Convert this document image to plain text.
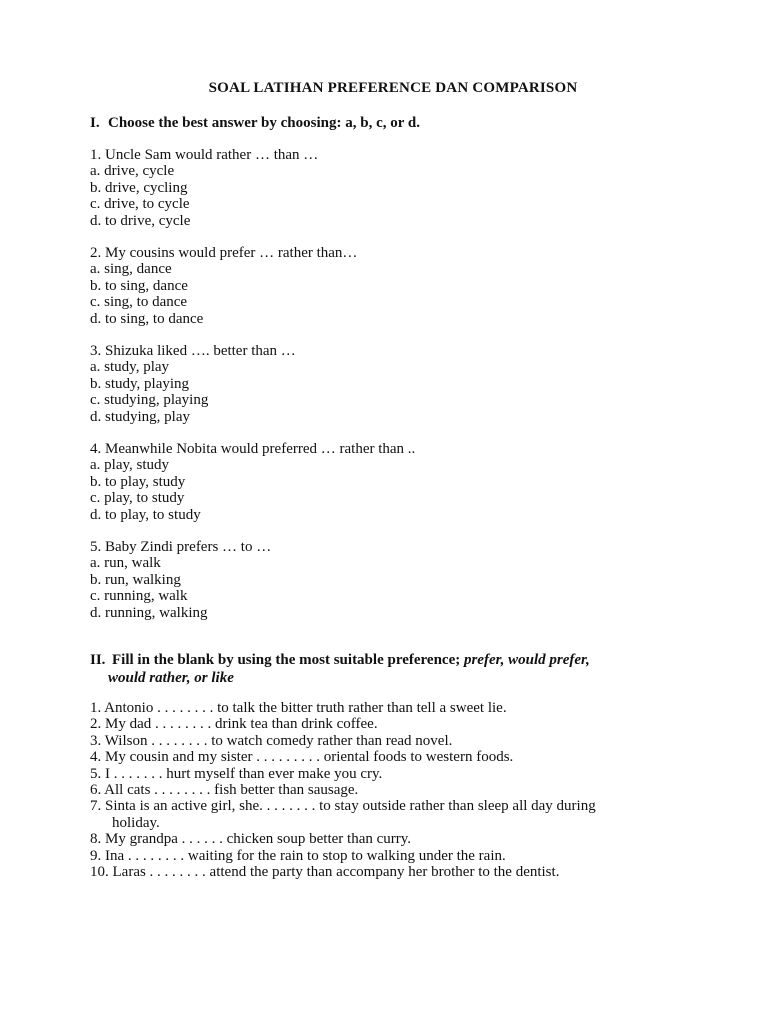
SOAL LATIHAN PREFERENCE DAN COMPARISON
I. Choose the best answer by choosing: a, b, c, or d.
1. Uncle Sam would rather … than …
a. drive, cycle
b. drive, cycling
c. drive, to cycle
d. to drive, cycle
2. My cousins would prefer … rather than…
a. sing, dance
b. to sing, dance
c. sing, to dance
d. to sing, to dance
3. Shizuka liked …. better than …
a. study, play
b. study, playing
c. studying, playing
d. studying, play
4. Meanwhile Nobita would preferred … rather than ..
a. play, study
b. to play, study
c. play, to study
d. to play, to study
5. Baby Zindi prefers … to …
a. run, walk
b. run, walking
c. running, walk
d. running, walking
II. Fill in the blank by using the most suitable preference; prefer, would prefer,
would rather, or like
1. Antonio . . . . . . . . to talk the bitter truth rather than tell a sweet lie.
2. My dad . . . . . . . . drink tea than drink coffee.
3. Wilson . . . . . . . . to watch comedy rather than read novel.
4. My cousin and my sister . . . . . . . . . oriental foods to western foods.
5. I . . . . . . . hurt myself than ever make you cry.
6. All cats . . . . . . . . fish better than sausage.
7. Sinta is an active girl, she. . . . . . . . to stay outside rather than sleep all day during
holiday.
8. My grandpa . . . . . . chicken soup better than curry.
9. Ina . . . . . . . . waiting for the rain to stop to walking under the rain.
10. Laras . . . . . . . . attend the party than accompany her brother to the dentist.
